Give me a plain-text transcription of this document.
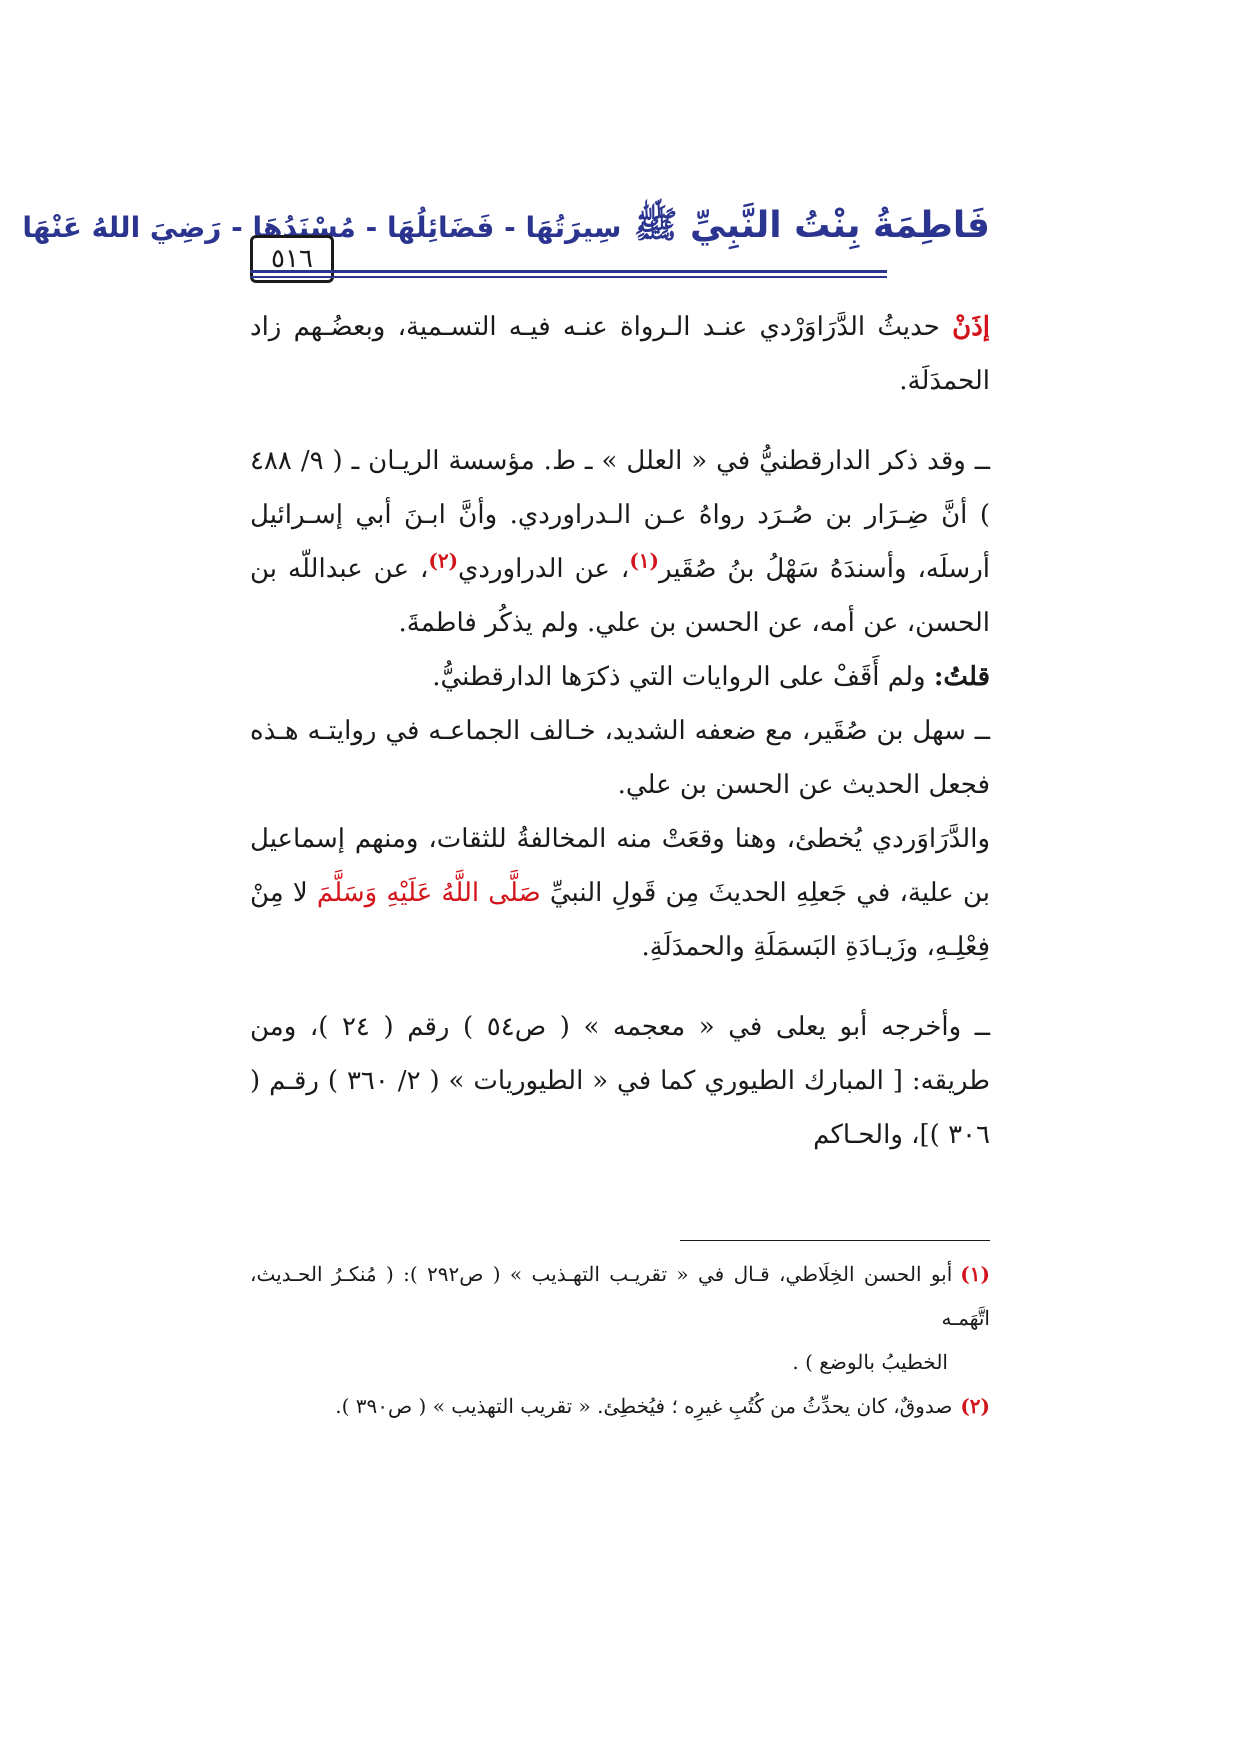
فَاطِمَةُ بِنْتُ النَّبِيِّ ﷺ سِيرَتُهَا - فَضَائِلُهَا - مُسْنَدُهَا - رَضِيَ اللهُ عَنْهَا
٥١٦

إذَنْ حديثُ الدَّرَاوَرْدي عنـد الـرواة عنـه فيـه التسـمية، وبعضُـهم زاد الحمدَلَة.

ــ وقد ذكر الدارقطنيُّ في « العلل » ـ ط. مؤسسة الريـان ـ ( ٩/ ٤٨٨ ) أنَّ ضِـرَار بن صُـرَد رواهُ عـن الـدراوردي. وأنَّ ابـنَ أبي إسـرائيل أرسلَه، وأسندَهُ سَهْلُ بنُ صُقَير$^{(١)}$، عن الدراوردي$^{(٢)}$، عن عبداللّه بن الحسن، عن أمه، عن الحسن بن علي. ولم يذكُر فاطمةَ.

قلتُ: ولم أَقَفْ على الروايات التي ذكرَها الدارقطنيُّ.

ــ سهل بن صُقَير، مع ضعفه الشديد، خـالف الجماعـه في روايتـه هـذه فجعل الحديث عن الحسن بن علي.

والدَّرَاوَردي يُخطئ، وهنا وقعَتْ منه المخالفةُ للثقات، ومنهم إسماعيل بن علية، في جَعلِهِ الحديثَ مِن قَولِ النبيِّ صَلَّى اللَّهُ عَلَيْهِ وَسَلَّمَ لا مِنْ فِعْلِـهِ، وزَيـادَةِ البَسمَلَةِ والحمدَلَةِ.

ــ وأخرجه أبو يعلى في « معجمه » ( ص٥٤ ) رقم ( ٢٤ )، ومن طريقه: [ المبارك الطيوري كما في « الطيوريات » ( ٢/ ٣٦٠ ) رقـم ( ٣٠٦ )]، والحـاكم

(١)أبو الحسن الخِلَاطي، قـال في « تقريـب التهـذيب » ( ص٢٩٢ ): ( مُنكـرُ الحـديث، اتَّهَمـه

الخطيبُ بالوضع ) .

(٢)صدوقٌ، كان يحدِّثُ من كُتُبِ غيرِه ؛ فيُخطِئ. « تقريب التهذيب » ( ص٣٩٠ ).
